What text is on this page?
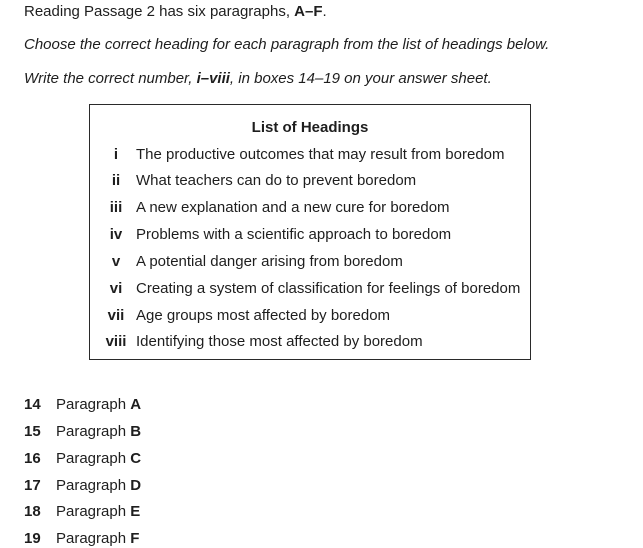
Reading Passage 2 has six paragraphs, A–F.
Choose the correct heading for each paragraph from the list of headings below.
Write the correct number, i–viii, in boxes 14–19 on your answer sheet.
List of Headings
i	The productive outcomes that may result from boredom
ii	What teachers can do to prevent boredom
iii A new explanation and a new cure for boredom
iv Problems with a scientific approach to boredom
v	A potential danger arising from boredom
vi Creating a system of classification for feelings of boredom
vii Age groups most affected by boredom
viii Identifying those most affected by boredom
14 Paragraph A
15 Paragraph B
16 Paragraph C
17 Paragraph D
18 Paragraph E
19 Paragraph F
